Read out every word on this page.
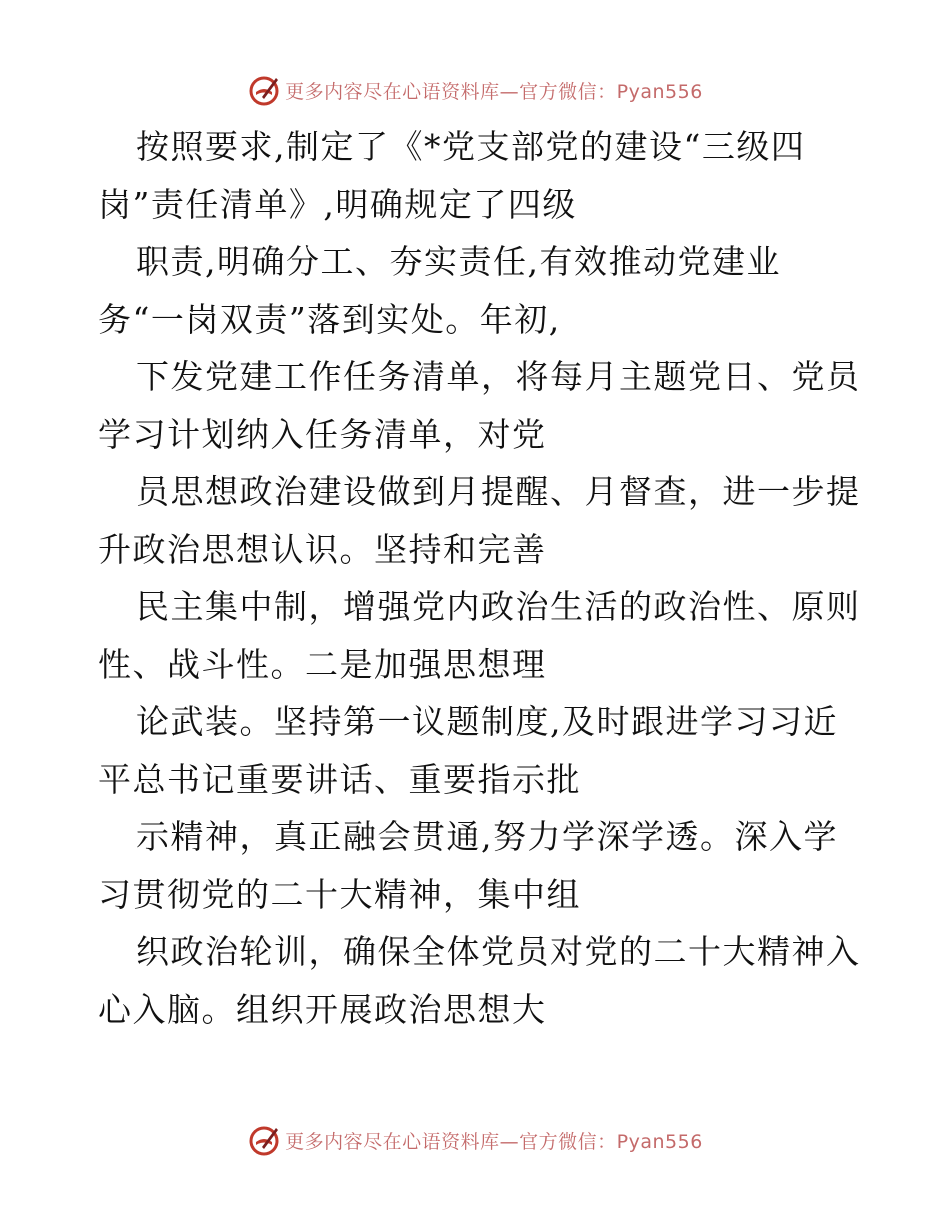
更多内容尽在心语资料库—官方微信：Pyan556
按照要求,制定了《*党支部党的建设“三级四
岗”责任清单》,明确规定了四级
职责,明确分工、夯实责任,有效推动党建业
务“一岗双责”落到实处。年初,
下发党建工作任务清单，将每月主题党日、党员
学习计划纳入任务清单，对党
员思想政治建设做到月提醒、月督查，进一步提
升政治思想认识。坚持和完善
民主集中制，增强党内政治生活的政治性、原则
性、战斗性。二是加强思想理
论武装。坚持第一议题制度,及时跟进学习习近
平总书记重要讲话、重要指示批
示精神，真正融会贯通,努力学深学透。深入学
习贯彻党的二十大精神，集中组
织政治轮训，确保全体党员对党的二十大精神入
心入脑。组织开展政治思想大
更多内容尽在心语资料库—官方微信：Pyan556
